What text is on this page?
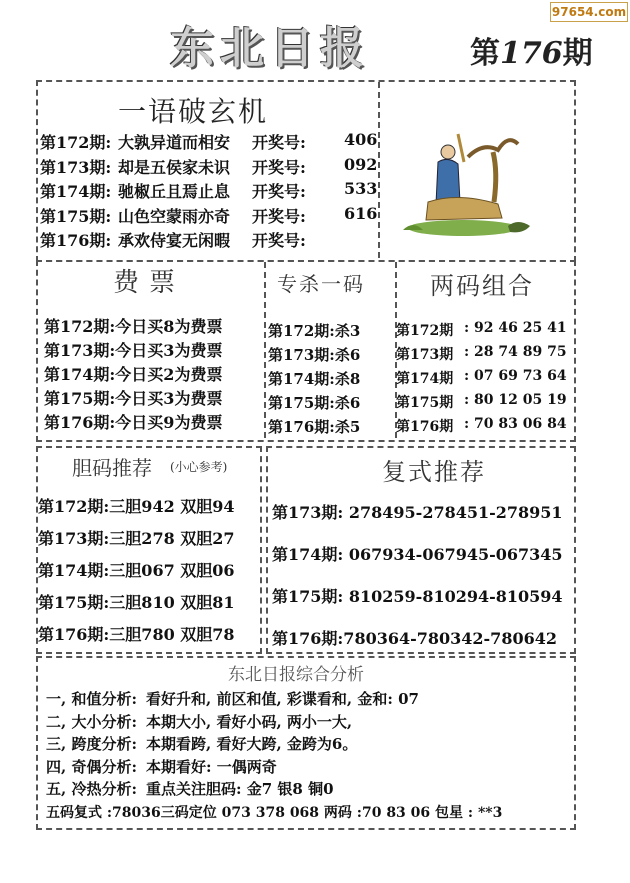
97654.com
东北日报	第176期
一语破玄机
第172期: 大孰异道而相安 开奖号: 406
第173期: 却是五侯家未识 开奖号: 092
第174期: 驰椒丘且焉止息 开奖号: 533
第175期: 山色空蒙雨亦奇 开奖号: 616
第176期: 承欢侍宴无闲暇 开奖号:
费票	专杀一码	两码组合
第172期:今日买8为费票
第173期:今日买3为费票
第174期:今日买2为费票
第175期:今日买3为费票
第176期:今日买9为费票
第172期:杀3
第173期:杀6
第174期:杀8
第175期:杀6
第176期:杀5
第172期 : 92 46 25 41
第173期 : 28 74 89 75
第174期 : 07 69 73 64
第175期 : 80 12 05 19
第176期 : 70 83 06 84
胆码推荐 (小心参考)	复式推荐
第172期:三胆942 双胆94
第173期:三胆278 双胆27
第174期:三胆067 双胆06
第175期:三胆810 双胆81
第176期:三胆780 双胆78
第173期: 278495-278451-278951
第174期: 067934-067945-067345
第175期: 810259-810294-810594
第176期:780364-780342-780642
东北日报综合分析
一, 和值分析: 看好升和, 前区和值, 彩谍看和, 金和: 07
二, 大小分析: 本期大小, 看好小码, 两小一大,
三, 跨度分析: 本期看跨, 看好大跨, 金跨为6。
四, 奇偶分析: 本期看好: 一偶两奇
五, 冷热分析: 重点关注胆码: 金7 银8 铜0
五码复式 :78036三码定位 073 378 068 两码 :70 83 06 包星 : **3
